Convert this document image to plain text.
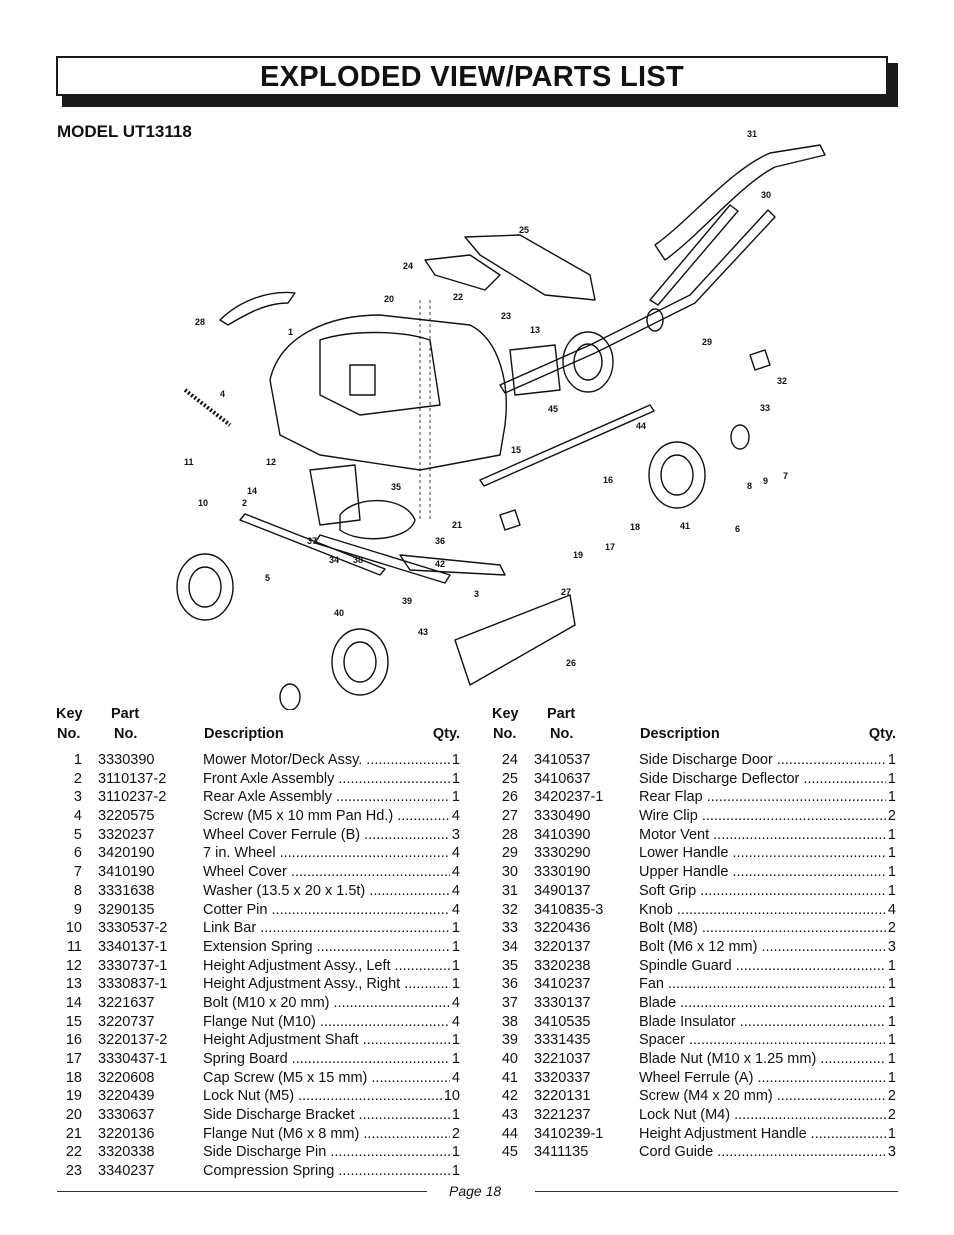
EXPLODED VIEW/PARTS LIST
MODEL UT13118	31
30
25
24
20	22
23
28
1	13
29
32
4
33
45
44
15
11	12
7
9
8
16
35
14
2
10
21	18	41	6
37	36
17
19
34 38	42
5
3	27
39
40
43
26
Key
No.
Part
No.	Description	Qty.
1 3330390	Mower Motor/Deck Assy. .....	1
2 3110137-2	Front Axle Assembly .....	1
3 3110237-2	Rear Axle Assembly .....	1
4 3220575	Screw (M5 x 10 mm Pan Hd.) .....	4
5 3320237	Wheel Cover Ferrule (B) .....	3
6 3420190	7 in. Wheel .....	4
7 3410190	Wheel Cover .....	4
8 3331638	Washer (13.5 x 20 x 1.5t) .....	4
9 3290135	Cotter Pin .....	4
10 3330537-2 Link Bar .....	1
11 3340137-1 Extension Spring .....	1
12 3330737-1 Height Adjustment Assy., Left .....	1
13 3330837-1 Height Adjustment Assy., Right .....	1
14 3221637	Bolt (M10 x 20 mm) .....	4
15 3220737	Flange Nut (M10) .....	4
16 3220137-2 Height Adjustment Shaft .....	1
17 3330437-1 Spring Board .....	1
18 3220608	Cap Screw (M5 x 15 mm) .....	4
19 3220439	Lock Nut (M5) .....	10
20 3330637	Side Discharge Bracket .....	1
21 3220136	Flange Nut (M6 x 8 mm) .....	2
22 3320338	Side Discharge Pin .....	1
23 3340237	Compression Spring .....	1
Key
No.
Part
No.	Description	Qty.
24 3410537	Side Discharge Door .....	1
25 3410637	Side Discharge Deflector .....	1
26 3420237-1 Rear Flap .....	1
27 3330490	Wire Clip .....	2
28 3410390	Motor Vent .....	1
29 3330290	Lower Handle .....	1
30 3330190	Upper Handle .....	1
31 3490137	Soft Grip .....	1
32 3410835-3 Knob .....	4
33 3220436	Bolt (M8) .....	2
34 3220137	Bolt (M6 x 12 mm) .....	3
35 3320238	Spindle Guard .....	1
36 3410237	Fan .....	1
37 3330137	Blade .....	1
38 3410535	Blade Insulator .....	1
39 3331435	Spacer .....	1
40 3221037	Blade Nut (M10 x 1.25 mm) .....	1
41 3320337	Wheel Ferrule (A) .....	1
42 3220131	Screw (M4 x 20 mm) .....	2
43 3221237	Lock Nut (M4) .....	2
44 3410239-1 Height Adjustment Handle .....	1
45 3411135	Cord Guide .....	3
Page 18
